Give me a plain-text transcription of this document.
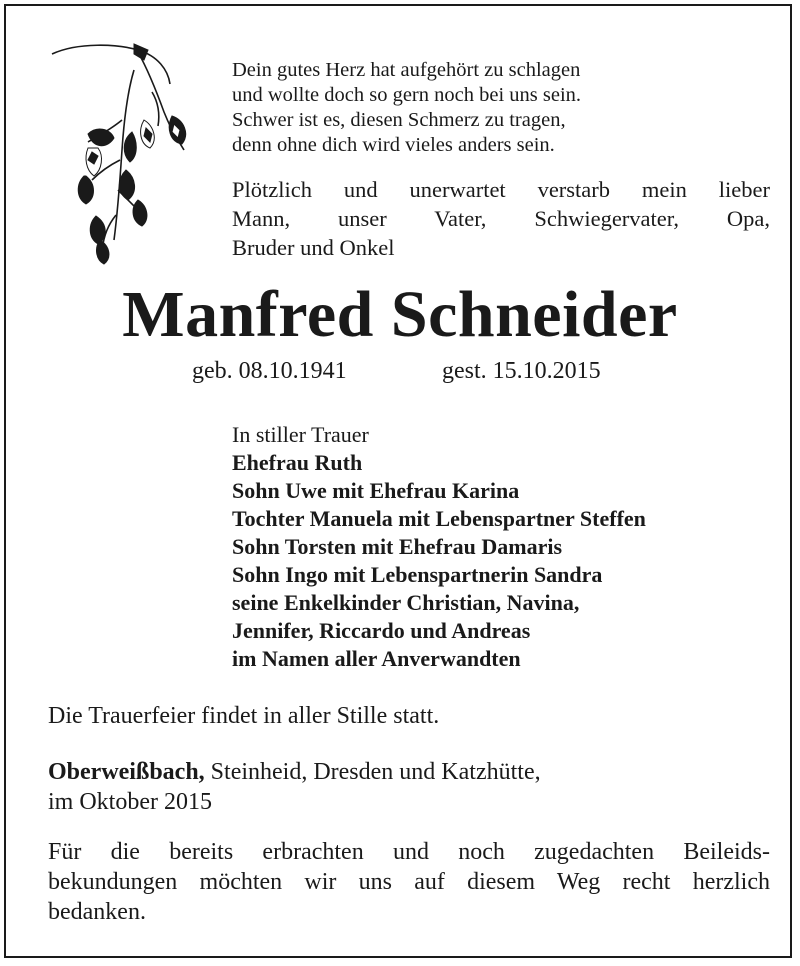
Dein gutes Herz hat aufgehört zu schlagen
und wollte doch so gern noch bei uns sein.
Schwer ist es, diesen Schmerz zu tragen,
denn ohne dich wird vieles anders sein.
Plötzlich und unerwartet verstarb mein lieber
Mann, unser Vater, Schwiegervater, Opa,
Bruder und Onkel
Manfred Schneider
geb. 08.10.1941	gest. 15.10.2015
In stiller Trauer
Ehefrau Ruth
Sohn Uwe mit Ehefrau Karina
Tochter Manuela mit Lebenspartner Steffen
Sohn Torsten mit Ehefrau Damaris
Sohn Ingo mit Lebenspartnerin Sandra
seine Enkelkinder Christian, Navina,
Jennifer, Riccardo und Andreas
im Namen aller Anverwandten
Die Trauerfeier findet in aller Stille statt.
Oberweißbach, Steinheid, Dresden und Katzhütte,
im Oktober 2015
Für die bereits erbrachten und noch zugedachten Beileids-
bekundungen möchten wir uns auf diesem Weg recht herzlich
bedanken.
